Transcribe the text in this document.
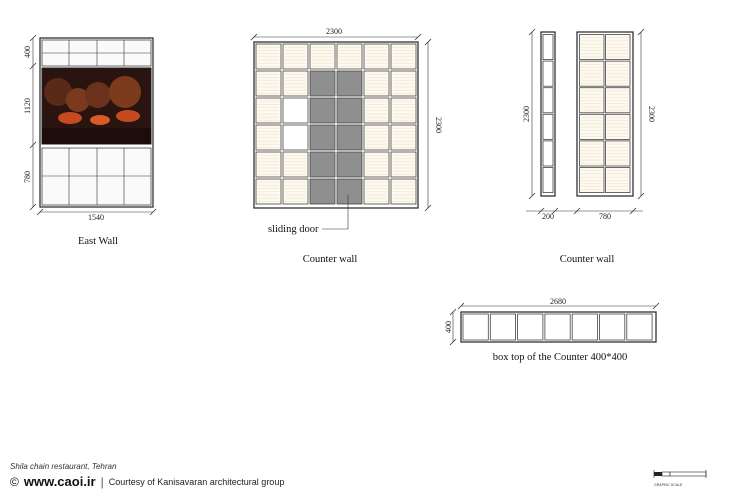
400
1120
780
1540
East Wall
2300
2300
sliding door
Counter wall
2300	2300
200	780
Counter wall
2680
400
box top of the Counter 400*400
Shila chain restaurant, Tehran
© www.caoi.ir | Courtesy of Kanisavaran architectural group	GRAPHIC SCALE
